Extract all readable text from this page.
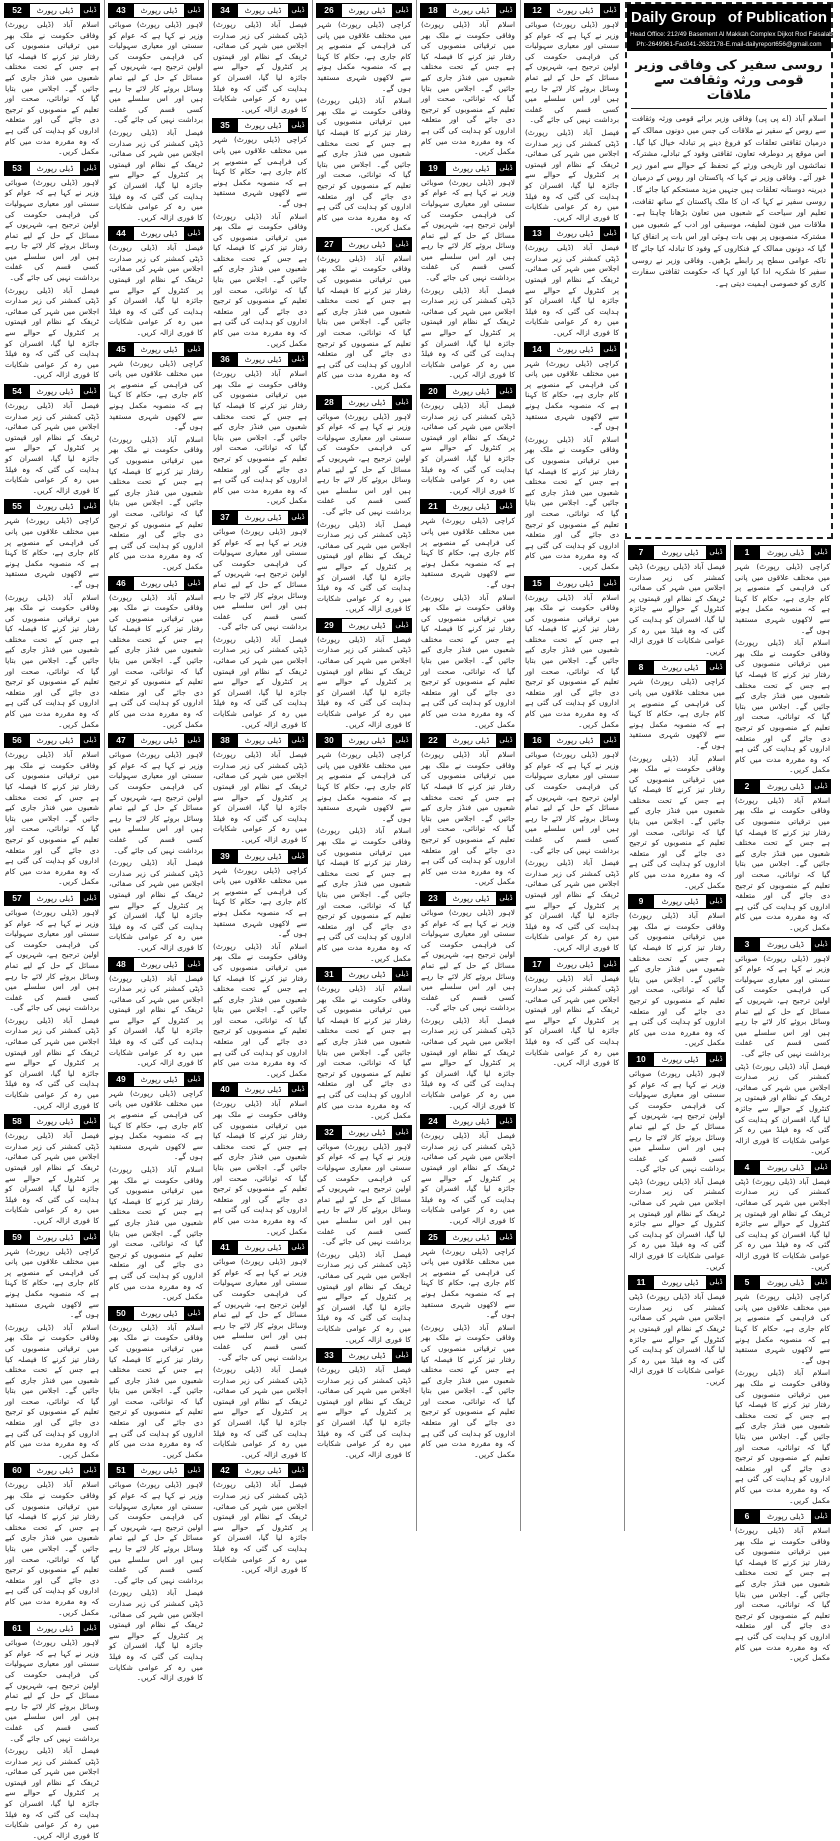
52	ڈیلی رپورٹ	ڈیلی

اسلام آباد (ڈیلی رپورٹ) وفاقی حکومت نے ملک بھر میں ترقیاتی منصوبوں کی رفتار تیز کرنے کا فیصلہ کیا ہے جس کے تحت مختلف شعبوں میں فنڈز جاری کیے جائیں گے۔ اجلاس میں بتایا گیا کہ توانائی، صحت اور تعلیم کے منصوبوں کو ترجیح دی جائے گی اور متعلقہ اداروں کو ہدایت کی گئی ہے کہ وہ مقررہ مدت میں کام مکمل کریں۔

53	ڈیلی رپورٹ	ڈیلی

لاہور (ڈیلی رپورٹ) صوبائی وزیر نے کہا ہے کہ عوام کو سستی اور معیاری سہولیات کی فراہمی حکومت کی اولین ترجیح ہے، شہریوں کے مسائل کے حل کے لیے تمام وسائل بروئے کار لائے جا رہے ہیں اور اس سلسلے میں کسی قسم کی غفلت برداشت نہیں کی جائے گی۔

فیصل آباد (ڈیلی رپورٹ) ڈپٹی کمشنر کی زیر صدارت اجلاس میں شہر کی صفائی، ٹریفک کے نظام اور قیمتوں پر کنٹرول کے حوالے سے جائزہ لیا گیا، افسران کو ہدایت کی گئی کہ وہ فیلڈ میں رہ کر عوامی شکایات کا فوری ازالہ کریں۔

54	ڈیلی رپورٹ	ڈیلی

فیصل آباد (ڈیلی رپورٹ) ڈپٹی کمشنر کی زیر صدارت اجلاس میں شہر کی صفائی، ٹریفک کے نظام اور قیمتوں پر کنٹرول کے حوالے سے جائزہ لیا گیا، افسران کو ہدایت کی گئی کہ وہ فیلڈ میں رہ کر عوامی شکایات کا فوری ازالہ کریں۔

55	ڈیلی رپورٹ	ڈیلی

کراچی (ڈیلی رپورٹ) شہر میں مختلف علاقوں میں پانی کی فراہمی کے منصوبے پر کام جاری ہے، حکام کا کہنا ہے کہ منصوبہ مکمل ہونے سے لاکھوں شہری مستفید ہوں گے۔

اسلام آباد (ڈیلی رپورٹ) وفاقی حکومت نے ملک بھر میں ترقیاتی منصوبوں کی رفتار تیز کرنے کا فیصلہ کیا ہے جس کے تحت مختلف شعبوں میں فنڈز جاری کیے جائیں گے۔ اجلاس میں بتایا گیا کہ توانائی، صحت اور تعلیم کے منصوبوں کو ترجیح دی جائے گی اور متعلقہ اداروں کو ہدایت کی گئی ہے کہ وہ مقررہ مدت میں کام مکمل کریں۔

56	ڈیلی رپورٹ	ڈیلی

اسلام آباد (ڈیلی رپورٹ) وفاقی حکومت نے ملک بھر میں ترقیاتی منصوبوں کی رفتار تیز کرنے کا فیصلہ کیا ہے جس کے تحت مختلف شعبوں میں فنڈز جاری کیے جائیں گے۔ اجلاس میں بتایا گیا کہ توانائی، صحت اور تعلیم کے منصوبوں کو ترجیح دی جائے گی اور متعلقہ اداروں کو ہدایت کی گئی ہے کہ وہ مقررہ مدت میں کام مکمل کریں۔

57	ڈیلی رپورٹ	ڈیلی

لاہور (ڈیلی رپورٹ) صوبائی وزیر نے کہا ہے کہ عوام کو سستی اور معیاری سہولیات کی فراہمی حکومت کی اولین ترجیح ہے، شہریوں کے مسائل کے حل کے لیے تمام وسائل بروئے کار لائے جا رہے ہیں اور اس سلسلے میں کسی قسم کی غفلت برداشت نہیں کی جائے گی۔

فیصل آباد (ڈیلی رپورٹ) ڈپٹی کمشنر کی زیر صدارت اجلاس میں شہر کی صفائی، ٹریفک کے نظام اور قیمتوں پر کنٹرول کے حوالے سے جائزہ لیا گیا، افسران کو ہدایت کی گئی کہ وہ فیلڈ میں رہ کر عوامی شکایات کا فوری ازالہ کریں۔

58	ڈیلی رپورٹ	ڈیلی

فیصل آباد (ڈیلی رپورٹ) ڈپٹی کمشنر کی زیر صدارت اجلاس میں شہر کی صفائی، ٹریفک کے نظام اور قیمتوں پر کنٹرول کے حوالے سے جائزہ لیا گیا، افسران کو ہدایت کی گئی کہ وہ فیلڈ میں رہ کر عوامی شکایات کا فوری ازالہ کریں۔

59	ڈیلی رپورٹ	ڈیلی

کراچی (ڈیلی رپورٹ) شہر میں مختلف علاقوں میں پانی کی فراہمی کے منصوبے پر کام جاری ہے، حکام کا کہنا ہے کہ منصوبہ مکمل ہونے سے لاکھوں شہری مستفید ہوں گے۔

اسلام آباد (ڈیلی رپورٹ) وفاقی حکومت نے ملک بھر میں ترقیاتی منصوبوں کی رفتار تیز کرنے کا فیصلہ کیا ہے جس کے تحت مختلف شعبوں میں فنڈز جاری کیے جائیں گے۔ اجلاس میں بتایا گیا کہ توانائی، صحت اور تعلیم کے منصوبوں کو ترجیح دی جائے گی اور متعلقہ اداروں کو ہدایت کی گئی ہے کہ وہ مقررہ مدت میں کام مکمل کریں۔

60	ڈیلی رپورٹ	ڈیلی

اسلام آباد (ڈیلی رپورٹ) وفاقی حکومت نے ملک بھر میں ترقیاتی منصوبوں کی رفتار تیز کرنے کا فیصلہ کیا ہے جس کے تحت مختلف شعبوں میں فنڈز جاری کیے جائیں گے۔ اجلاس میں بتایا گیا کہ توانائی، صحت اور تعلیم کے منصوبوں کو ترجیح دی جائے گی اور متعلقہ اداروں کو ہدایت کی گئی ہے کہ وہ مقررہ مدت میں کام مکمل کریں۔

61	ڈیلی رپورٹ	ڈیلی

لاہور (ڈیلی رپورٹ) صوبائی وزیر نے کہا ہے کہ عوام کو سستی اور معیاری سہولیات کی فراہمی حکومت کی اولین ترجیح ہے، شہریوں کے مسائل کے حل کے لیے تمام وسائل بروئے کار لائے جا رہے ہیں اور اس سلسلے میں کسی قسم کی غفلت برداشت نہیں کی جائے گی۔

فیصل آباد (ڈیلی رپورٹ) ڈپٹی کمشنر کی زیر صدارت اجلاس میں شہر کی صفائی، ٹریفک کے نظام اور قیمتوں پر کنٹرول کے حوالے سے جائزہ لیا گیا، افسران کو ہدایت کی گئی کہ وہ فیلڈ میں رہ کر عوامی شکایات کا فوری ازالہ کریں۔

43	ڈیلی رپورٹ	ڈیلی

لاہور (ڈیلی رپورٹ) صوبائی وزیر نے کہا ہے کہ عوام کو سستی اور معیاری سہولیات کی فراہمی حکومت کی اولین ترجیح ہے، شہریوں کے مسائل کے حل کے لیے تمام وسائل بروئے کار لائے جا رہے ہیں اور اس سلسلے میں کسی قسم کی غفلت برداشت نہیں کی جائے گی۔

فیصل آباد (ڈیلی رپورٹ) ڈپٹی کمشنر کی زیر صدارت اجلاس میں شہر کی صفائی، ٹریفک کے نظام اور قیمتوں پر کنٹرول کے حوالے سے جائزہ لیا گیا، افسران کو ہدایت کی گئی کہ وہ فیلڈ میں رہ کر عوامی شکایات کا فوری ازالہ کریں۔

44	ڈیلی رپورٹ	ڈیلی

فیصل آباد (ڈیلی رپورٹ) ڈپٹی کمشنر کی زیر صدارت اجلاس میں شہر کی صفائی، ٹریفک کے نظام اور قیمتوں پر کنٹرول کے حوالے سے جائزہ لیا گیا، افسران کو ہدایت کی گئی کہ وہ فیلڈ میں رہ کر عوامی شکایات کا فوری ازالہ کریں۔

45	ڈیلی رپورٹ	ڈیلی

کراچی (ڈیلی رپورٹ) شہر میں مختلف علاقوں میں پانی کی فراہمی کے منصوبے پر کام جاری ہے، حکام کا کہنا ہے کہ منصوبہ مکمل ہونے سے لاکھوں شہری مستفید ہوں گے۔

اسلام آباد (ڈیلی رپورٹ) وفاقی حکومت نے ملک بھر میں ترقیاتی منصوبوں کی رفتار تیز کرنے کا فیصلہ کیا ہے جس کے تحت مختلف شعبوں میں فنڈز جاری کیے جائیں گے۔ اجلاس میں بتایا گیا کہ توانائی، صحت اور تعلیم کے منصوبوں کو ترجیح دی جائے گی اور متعلقہ اداروں کو ہدایت کی گئی ہے کہ وہ مقررہ مدت میں کام مکمل کریں۔

46	ڈیلی رپورٹ	ڈیلی

اسلام آباد (ڈیلی رپورٹ) وفاقی حکومت نے ملک بھر میں ترقیاتی منصوبوں کی رفتار تیز کرنے کا فیصلہ کیا ہے جس کے تحت مختلف شعبوں میں فنڈز جاری کیے جائیں گے۔ اجلاس میں بتایا گیا کہ توانائی، صحت اور تعلیم کے منصوبوں کو ترجیح دی جائے گی اور متعلقہ اداروں کو ہدایت کی گئی ہے کہ وہ مقررہ مدت میں کام مکمل کریں۔

47	ڈیلی رپورٹ	ڈیلی

لاہور (ڈیلی رپورٹ) صوبائی وزیر نے کہا ہے کہ عوام کو سستی اور معیاری سہولیات کی فراہمی حکومت کی اولین ترجیح ہے، شہریوں کے مسائل کے حل کے لیے تمام وسائل بروئے کار لائے جا رہے ہیں اور اس سلسلے میں کسی قسم کی غفلت برداشت نہیں کی جائے گی۔

فیصل آباد (ڈیلی رپورٹ) ڈپٹی کمشنر کی زیر صدارت اجلاس میں شہر کی صفائی، ٹریفک کے نظام اور قیمتوں پر کنٹرول کے حوالے سے جائزہ لیا گیا، افسران کو ہدایت کی گئی کہ وہ فیلڈ میں رہ کر عوامی شکایات کا فوری ازالہ کریں۔

48	ڈیلی رپورٹ	ڈیلی

فیصل آباد (ڈیلی رپورٹ) ڈپٹی کمشنر کی زیر صدارت اجلاس میں شہر کی صفائی، ٹریفک کے نظام اور قیمتوں پر کنٹرول کے حوالے سے جائزہ لیا گیا، افسران کو ہدایت کی گئی کہ وہ فیلڈ میں رہ کر عوامی شکایات کا فوری ازالہ کریں۔

49	ڈیلی رپورٹ	ڈیلی

کراچی (ڈیلی رپورٹ) شہر میں مختلف علاقوں میں پانی کی فراہمی کے منصوبے پر کام جاری ہے، حکام کا کہنا ہے کہ منصوبہ مکمل ہونے سے لاکھوں شہری مستفید ہوں گے۔

اسلام آباد (ڈیلی رپورٹ) وفاقی حکومت نے ملک بھر میں ترقیاتی منصوبوں کی رفتار تیز کرنے کا فیصلہ کیا ہے جس کے تحت مختلف شعبوں میں فنڈز جاری کیے جائیں گے۔ اجلاس میں بتایا گیا کہ توانائی، صحت اور تعلیم کے منصوبوں کو ترجیح دی جائے گی اور متعلقہ اداروں کو ہدایت کی گئی ہے کہ وہ مقررہ مدت میں کام مکمل کریں۔

50	ڈیلی رپورٹ	ڈیلی

اسلام آباد (ڈیلی رپورٹ) وفاقی حکومت نے ملک بھر میں ترقیاتی منصوبوں کی رفتار تیز کرنے کا فیصلہ کیا ہے جس کے تحت مختلف شعبوں میں فنڈز جاری کیے جائیں گے۔ اجلاس میں بتایا گیا کہ توانائی، صحت اور تعلیم کے منصوبوں کو ترجیح دی جائے گی اور متعلقہ اداروں کو ہدایت کی گئی ہے کہ وہ مقررہ مدت میں کام مکمل کریں۔

51	ڈیلی رپورٹ	ڈیلی

لاہور (ڈیلی رپورٹ) صوبائی وزیر نے کہا ہے کہ عوام کو سستی اور معیاری سہولیات کی فراہمی حکومت کی اولین ترجیح ہے، شہریوں کے مسائل کے حل کے لیے تمام وسائل بروئے کار لائے جا رہے ہیں اور اس سلسلے میں کسی قسم کی غفلت برداشت نہیں کی جائے گی۔

فیصل آباد (ڈیلی رپورٹ) ڈپٹی کمشنر کی زیر صدارت اجلاس میں شہر کی صفائی، ٹریفک کے نظام اور قیمتوں پر کنٹرول کے حوالے سے جائزہ لیا گیا، افسران کو ہدایت کی گئی کہ وہ فیلڈ میں رہ کر عوامی شکایات کا فوری ازالہ کریں۔

34	ڈیلی رپورٹ	ڈیلی

فیصل آباد (ڈیلی رپورٹ) ڈپٹی کمشنر کی زیر صدارت اجلاس میں شہر کی صفائی، ٹریفک کے نظام اور قیمتوں پر کنٹرول کے حوالے سے جائزہ لیا گیا، افسران کو ہدایت کی گئی کہ وہ فیلڈ میں رہ کر عوامی شکایات کا فوری ازالہ کریں۔

35	ڈیلی رپورٹ	ڈیلی

کراچی (ڈیلی رپورٹ) شہر میں مختلف علاقوں میں پانی کی فراہمی کے منصوبے پر کام جاری ہے، حکام کا کہنا ہے کہ منصوبہ مکمل ہونے سے لاکھوں شہری مستفید ہوں گے۔

اسلام آباد (ڈیلی رپورٹ) وفاقی حکومت نے ملک بھر میں ترقیاتی منصوبوں کی رفتار تیز کرنے کا فیصلہ کیا ہے جس کے تحت مختلف شعبوں میں فنڈز جاری کیے جائیں گے۔ اجلاس میں بتایا گیا کہ توانائی، صحت اور تعلیم کے منصوبوں کو ترجیح دی جائے گی اور متعلقہ اداروں کو ہدایت کی گئی ہے کہ وہ مقررہ مدت میں کام مکمل کریں۔

36	ڈیلی رپورٹ	ڈیلی

اسلام آباد (ڈیلی رپورٹ) وفاقی حکومت نے ملک بھر میں ترقیاتی منصوبوں کی رفتار تیز کرنے کا فیصلہ کیا ہے جس کے تحت مختلف شعبوں میں فنڈز جاری کیے جائیں گے۔ اجلاس میں بتایا گیا کہ توانائی، صحت اور تعلیم کے منصوبوں کو ترجیح دی جائے گی اور متعلقہ اداروں کو ہدایت کی گئی ہے کہ وہ مقررہ مدت میں کام مکمل کریں۔

37	ڈیلی رپورٹ	ڈیلی

لاہور (ڈیلی رپورٹ) صوبائی وزیر نے کہا ہے کہ عوام کو سستی اور معیاری سہولیات کی فراہمی حکومت کی اولین ترجیح ہے، شہریوں کے مسائل کے حل کے لیے تمام وسائل بروئے کار لائے جا رہے ہیں اور اس سلسلے میں کسی قسم کی غفلت برداشت نہیں کی جائے گی۔

فیصل آباد (ڈیلی رپورٹ) ڈپٹی کمشنر کی زیر صدارت اجلاس میں شہر کی صفائی، ٹریفک کے نظام اور قیمتوں پر کنٹرول کے حوالے سے جائزہ لیا گیا، افسران کو ہدایت کی گئی کہ وہ فیلڈ میں رہ کر عوامی شکایات کا فوری ازالہ کریں۔

38	ڈیلی رپورٹ	ڈیلی

فیصل آباد (ڈیلی رپورٹ) ڈپٹی کمشنر کی زیر صدارت اجلاس میں شہر کی صفائی، ٹریفک کے نظام اور قیمتوں پر کنٹرول کے حوالے سے جائزہ لیا گیا، افسران کو ہدایت کی گئی کہ وہ فیلڈ میں رہ کر عوامی شکایات کا فوری ازالہ کریں۔

39	ڈیلی رپورٹ	ڈیلی

کراچی (ڈیلی رپورٹ) شہر میں مختلف علاقوں میں پانی کی فراہمی کے منصوبے پر کام جاری ہے، حکام کا کہنا ہے کہ منصوبہ مکمل ہونے سے لاکھوں شہری مستفید ہوں گے۔

اسلام آباد (ڈیلی رپورٹ) وفاقی حکومت نے ملک بھر میں ترقیاتی منصوبوں کی رفتار تیز کرنے کا فیصلہ کیا ہے جس کے تحت مختلف شعبوں میں فنڈز جاری کیے جائیں گے۔ اجلاس میں بتایا گیا کہ توانائی، صحت اور تعلیم کے منصوبوں کو ترجیح دی جائے گی اور متعلقہ اداروں کو ہدایت کی گئی ہے کہ وہ مقررہ مدت میں کام مکمل کریں۔

40	ڈیلی رپورٹ	ڈیلی

اسلام آباد (ڈیلی رپورٹ) وفاقی حکومت نے ملک بھر میں ترقیاتی منصوبوں کی رفتار تیز کرنے کا فیصلہ کیا ہے جس کے تحت مختلف شعبوں میں فنڈز جاری کیے جائیں گے۔ اجلاس میں بتایا گیا کہ توانائی، صحت اور تعلیم کے منصوبوں کو ترجیح دی جائے گی اور متعلقہ اداروں کو ہدایت کی گئی ہے کہ وہ مقررہ مدت میں کام مکمل کریں۔

41	ڈیلی رپورٹ	ڈیلی

لاہور (ڈیلی رپورٹ) صوبائی وزیر نے کہا ہے کہ عوام کو سستی اور معیاری سہولیات کی فراہمی حکومت کی اولین ترجیح ہے، شہریوں کے مسائل کے حل کے لیے تمام وسائل بروئے کار لائے جا رہے ہیں اور اس سلسلے میں کسی قسم کی غفلت برداشت نہیں کی جائے گی۔

فیصل آباد (ڈیلی رپورٹ) ڈپٹی کمشنر کی زیر صدارت اجلاس میں شہر کی صفائی، ٹریفک کے نظام اور قیمتوں پر کنٹرول کے حوالے سے جائزہ لیا گیا، افسران کو ہدایت کی گئی کہ وہ فیلڈ میں رہ کر عوامی شکایات کا فوری ازالہ کریں۔

42	ڈیلی رپورٹ	ڈیلی

فیصل آباد (ڈیلی رپورٹ) ڈپٹی کمشنر کی زیر صدارت اجلاس میں شہر کی صفائی، ٹریفک کے نظام اور قیمتوں پر کنٹرول کے حوالے سے جائزہ لیا گیا، افسران کو ہدایت کی گئی کہ وہ فیلڈ میں رہ کر عوامی شکایات کا فوری ازالہ کریں۔

26	ڈیلی رپورٹ	ڈیلی

کراچی (ڈیلی رپورٹ) شہر میں مختلف علاقوں میں پانی کی فراہمی کے منصوبے پر کام جاری ہے، حکام کا کہنا ہے کہ منصوبہ مکمل ہونے سے لاکھوں شہری مستفید ہوں گے۔

اسلام آباد (ڈیلی رپورٹ) وفاقی حکومت نے ملک بھر میں ترقیاتی منصوبوں کی رفتار تیز کرنے کا فیصلہ کیا ہے جس کے تحت مختلف شعبوں میں فنڈز جاری کیے جائیں گے۔ اجلاس میں بتایا گیا کہ توانائی، صحت اور تعلیم کے منصوبوں کو ترجیح دی جائے گی اور متعلقہ اداروں کو ہدایت کی گئی ہے کہ وہ مقررہ مدت میں کام مکمل کریں۔

27	ڈیلی رپورٹ	ڈیلی

اسلام آباد (ڈیلی رپورٹ) وفاقی حکومت نے ملک بھر میں ترقیاتی منصوبوں کی رفتار تیز کرنے کا فیصلہ کیا ہے جس کے تحت مختلف شعبوں میں فنڈز جاری کیے جائیں گے۔ اجلاس میں بتایا گیا کہ توانائی، صحت اور تعلیم کے منصوبوں کو ترجیح دی جائے گی اور متعلقہ اداروں کو ہدایت کی گئی ہے کہ وہ مقررہ مدت میں کام مکمل کریں۔

28	ڈیلی رپورٹ	ڈیلی

لاہور (ڈیلی رپورٹ) صوبائی وزیر نے کہا ہے کہ عوام کو سستی اور معیاری سہولیات کی فراہمی حکومت کی اولین ترجیح ہے، شہریوں کے مسائل کے حل کے لیے تمام وسائل بروئے کار لائے جا رہے ہیں اور اس سلسلے میں کسی قسم کی غفلت برداشت نہیں کی جائے گی۔

فیصل آباد (ڈیلی رپورٹ) ڈپٹی کمشنر کی زیر صدارت اجلاس میں شہر کی صفائی، ٹریفک کے نظام اور قیمتوں پر کنٹرول کے حوالے سے جائزہ لیا گیا، افسران کو ہدایت کی گئی کہ وہ فیلڈ میں رہ کر عوامی شکایات کا فوری ازالہ کریں۔

29	ڈیلی رپورٹ	ڈیلی

فیصل آباد (ڈیلی رپورٹ) ڈپٹی کمشنر کی زیر صدارت اجلاس میں شہر کی صفائی، ٹریفک کے نظام اور قیمتوں پر کنٹرول کے حوالے سے جائزہ لیا گیا، افسران کو ہدایت کی گئی کہ وہ فیلڈ میں رہ کر عوامی شکایات کا فوری ازالہ کریں۔

30	ڈیلی رپورٹ	ڈیلی

کراچی (ڈیلی رپورٹ) شہر میں مختلف علاقوں میں پانی کی فراہمی کے منصوبے پر کام جاری ہے، حکام کا کہنا ہے کہ منصوبہ مکمل ہونے سے لاکھوں شہری مستفید ہوں گے۔

اسلام آباد (ڈیلی رپورٹ) وفاقی حکومت نے ملک بھر میں ترقیاتی منصوبوں کی رفتار تیز کرنے کا فیصلہ کیا ہے جس کے تحت مختلف شعبوں میں فنڈز جاری کیے جائیں گے۔ اجلاس میں بتایا گیا کہ توانائی، صحت اور تعلیم کے منصوبوں کو ترجیح دی جائے گی اور متعلقہ اداروں کو ہدایت کی گئی ہے کہ وہ مقررہ مدت میں کام مکمل کریں۔

31	ڈیلی رپورٹ	ڈیلی

اسلام آباد (ڈیلی رپورٹ) وفاقی حکومت نے ملک بھر میں ترقیاتی منصوبوں کی رفتار تیز کرنے کا فیصلہ کیا ہے جس کے تحت مختلف شعبوں میں فنڈز جاری کیے جائیں گے۔ اجلاس میں بتایا گیا کہ توانائی، صحت اور تعلیم کے منصوبوں کو ترجیح دی جائے گی اور متعلقہ اداروں کو ہدایت کی گئی ہے کہ وہ مقررہ مدت میں کام مکمل کریں۔

32	ڈیلی رپورٹ	ڈیلی

لاہور (ڈیلی رپورٹ) صوبائی وزیر نے کہا ہے کہ عوام کو سستی اور معیاری سہولیات کی فراہمی حکومت کی اولین ترجیح ہے، شہریوں کے مسائل کے حل کے لیے تمام وسائل بروئے کار لائے جا رہے ہیں اور اس سلسلے میں کسی قسم کی غفلت برداشت نہیں کی جائے گی۔

فیصل آباد (ڈیلی رپورٹ) ڈپٹی کمشنر کی زیر صدارت اجلاس میں شہر کی صفائی، ٹریفک کے نظام اور قیمتوں پر کنٹرول کے حوالے سے جائزہ لیا گیا، افسران کو ہدایت کی گئی کہ وہ فیلڈ میں رہ کر عوامی شکایات کا فوری ازالہ کریں۔

33	ڈیلی رپورٹ	ڈیلی

فیصل آباد (ڈیلی رپورٹ) ڈپٹی کمشنر کی زیر صدارت اجلاس میں شہر کی صفائی، ٹریفک کے نظام اور قیمتوں پر کنٹرول کے حوالے سے جائزہ لیا گیا، افسران کو ہدایت کی گئی کہ وہ فیلڈ میں رہ کر عوامی شکایات کا فوری ازالہ کریں۔

18	ڈیلی رپورٹ	ڈیلی

اسلام آباد (ڈیلی رپورٹ) وفاقی حکومت نے ملک بھر میں ترقیاتی منصوبوں کی رفتار تیز کرنے کا فیصلہ کیا ہے جس کے تحت مختلف شعبوں میں فنڈز جاری کیے جائیں گے۔ اجلاس میں بتایا گیا کہ توانائی، صحت اور تعلیم کے منصوبوں کو ترجیح دی جائے گی اور متعلقہ اداروں کو ہدایت کی گئی ہے کہ وہ مقررہ مدت میں کام مکمل کریں۔

19	ڈیلی رپورٹ	ڈیلی

لاہور (ڈیلی رپورٹ) صوبائی وزیر نے کہا ہے کہ عوام کو سستی اور معیاری سہولیات کی فراہمی حکومت کی اولین ترجیح ہے، شہریوں کے مسائل کے حل کے لیے تمام وسائل بروئے کار لائے جا رہے ہیں اور اس سلسلے میں کسی قسم کی غفلت برداشت نہیں کی جائے گی۔

فیصل آباد (ڈیلی رپورٹ) ڈپٹی کمشنر کی زیر صدارت اجلاس میں شہر کی صفائی، ٹریفک کے نظام اور قیمتوں پر کنٹرول کے حوالے سے جائزہ لیا گیا، افسران کو ہدایت کی گئی کہ وہ فیلڈ میں رہ کر عوامی شکایات کا فوری ازالہ کریں۔

20	ڈیلی رپورٹ	ڈیلی

فیصل آباد (ڈیلی رپورٹ) ڈپٹی کمشنر کی زیر صدارت اجلاس میں شہر کی صفائی، ٹریفک کے نظام اور قیمتوں پر کنٹرول کے حوالے سے جائزہ لیا گیا، افسران کو ہدایت کی گئی کہ وہ فیلڈ میں رہ کر عوامی شکایات کا فوری ازالہ کریں۔

21	ڈیلی رپورٹ	ڈیلی

کراچی (ڈیلی رپورٹ) شہر میں مختلف علاقوں میں پانی کی فراہمی کے منصوبے پر کام جاری ہے، حکام کا کہنا ہے کہ منصوبہ مکمل ہونے سے لاکھوں شہری مستفید ہوں گے۔

اسلام آباد (ڈیلی رپورٹ) وفاقی حکومت نے ملک بھر میں ترقیاتی منصوبوں کی رفتار تیز کرنے کا فیصلہ کیا ہے جس کے تحت مختلف شعبوں میں فنڈز جاری کیے جائیں گے۔ اجلاس میں بتایا گیا کہ توانائی، صحت اور تعلیم کے منصوبوں کو ترجیح دی جائے گی اور متعلقہ اداروں کو ہدایت کی گئی ہے کہ وہ مقررہ مدت میں کام مکمل کریں۔

22	ڈیلی رپورٹ	ڈیلی

اسلام آباد (ڈیلی رپورٹ) وفاقی حکومت نے ملک بھر میں ترقیاتی منصوبوں کی رفتار تیز کرنے کا فیصلہ کیا ہے جس کے تحت مختلف شعبوں میں فنڈز جاری کیے جائیں گے۔ اجلاس میں بتایا گیا کہ توانائی، صحت اور تعلیم کے منصوبوں کو ترجیح دی جائے گی اور متعلقہ اداروں کو ہدایت کی گئی ہے کہ وہ مقررہ مدت میں کام مکمل کریں۔

23	ڈیلی رپورٹ	ڈیلی

لاہور (ڈیلی رپورٹ) صوبائی وزیر نے کہا ہے کہ عوام کو سستی اور معیاری سہولیات کی فراہمی حکومت کی اولین ترجیح ہے، شہریوں کے مسائل کے حل کے لیے تمام وسائل بروئے کار لائے جا رہے ہیں اور اس سلسلے میں کسی قسم کی غفلت برداشت نہیں کی جائے گی۔

فیصل آباد (ڈیلی رپورٹ) ڈپٹی کمشنر کی زیر صدارت اجلاس میں شہر کی صفائی، ٹریفک کے نظام اور قیمتوں پر کنٹرول کے حوالے سے جائزہ لیا گیا، افسران کو ہدایت کی گئی کہ وہ فیلڈ میں رہ کر عوامی شکایات کا فوری ازالہ کریں۔

24	ڈیلی رپورٹ	ڈیلی

فیصل آباد (ڈیلی رپورٹ) ڈپٹی کمشنر کی زیر صدارت اجلاس میں شہر کی صفائی، ٹریفک کے نظام اور قیمتوں پر کنٹرول کے حوالے سے جائزہ لیا گیا، افسران کو ہدایت کی گئی کہ وہ فیلڈ میں رہ کر عوامی شکایات کا فوری ازالہ کریں۔

25	ڈیلی رپورٹ	ڈیلی

کراچی (ڈیلی رپورٹ) شہر میں مختلف علاقوں میں پانی کی فراہمی کے منصوبے پر کام جاری ہے، حکام کا کہنا ہے کہ منصوبہ مکمل ہونے سے لاکھوں شہری مستفید ہوں گے۔

اسلام آباد (ڈیلی رپورٹ) وفاقی حکومت نے ملک بھر میں ترقیاتی منصوبوں کی رفتار تیز کرنے کا فیصلہ کیا ہے جس کے تحت مختلف شعبوں میں فنڈز جاری کیے جائیں گے۔ اجلاس میں بتایا گیا کہ توانائی، صحت اور تعلیم کے منصوبوں کو ترجیح دی جائے گی اور متعلقہ اداروں کو ہدایت کی گئی ہے کہ وہ مقررہ مدت میں کام مکمل کریں۔

12	ڈیلی رپورٹ	ڈیلی

لاہور (ڈیلی رپورٹ) صوبائی وزیر نے کہا ہے کہ عوام کو سستی اور معیاری سہولیات کی فراہمی حکومت کی اولین ترجیح ہے، شہریوں کے مسائل کے حل کے لیے تمام وسائل بروئے کار لائے جا رہے ہیں اور اس سلسلے میں کسی قسم کی غفلت برداشت نہیں کی جائے گی۔

فیصل آباد (ڈیلی رپورٹ) ڈپٹی کمشنر کی زیر صدارت اجلاس میں شہر کی صفائی، ٹریفک کے نظام اور قیمتوں پر کنٹرول کے حوالے سے جائزہ لیا گیا، افسران کو ہدایت کی گئی کہ وہ فیلڈ میں رہ کر عوامی شکایات کا فوری ازالہ کریں۔

13	ڈیلی رپورٹ	ڈیلی

فیصل آباد (ڈیلی رپورٹ) ڈپٹی کمشنر کی زیر صدارت اجلاس میں شہر کی صفائی، ٹریفک کے نظام اور قیمتوں پر کنٹرول کے حوالے سے جائزہ لیا گیا، افسران کو ہدایت کی گئی کہ وہ فیلڈ میں رہ کر عوامی شکایات کا فوری ازالہ کریں۔

14	ڈیلی رپورٹ	ڈیلی

کراچی (ڈیلی رپورٹ) شہر میں مختلف علاقوں میں پانی کی فراہمی کے منصوبے پر کام جاری ہے، حکام کا کہنا ہے کہ منصوبہ مکمل ہونے سے لاکھوں شہری مستفید ہوں گے۔

اسلام آباد (ڈیلی رپورٹ) وفاقی حکومت نے ملک بھر میں ترقیاتی منصوبوں کی رفتار تیز کرنے کا فیصلہ کیا ہے جس کے تحت مختلف شعبوں میں فنڈز جاری کیے جائیں گے۔ اجلاس میں بتایا گیا کہ توانائی، صحت اور تعلیم کے منصوبوں کو ترجیح دی جائے گی اور متعلقہ اداروں کو ہدایت کی گئی ہے کہ وہ مقررہ مدت میں کام مکمل کریں۔

15	ڈیلی رپورٹ	ڈیلی

اسلام آباد (ڈیلی رپورٹ) وفاقی حکومت نے ملک بھر میں ترقیاتی منصوبوں کی رفتار تیز کرنے کا فیصلہ کیا ہے جس کے تحت مختلف شعبوں میں فنڈز جاری کیے جائیں گے۔ اجلاس میں بتایا گیا کہ توانائی، صحت اور تعلیم کے منصوبوں کو ترجیح دی جائے گی اور متعلقہ اداروں کو ہدایت کی گئی ہے کہ وہ مقررہ مدت میں کام مکمل کریں۔

16	ڈیلی رپورٹ	ڈیلی

لاہور (ڈیلی رپورٹ) صوبائی وزیر نے کہا ہے کہ عوام کو سستی اور معیاری سہولیات کی فراہمی حکومت کی اولین ترجیح ہے، شہریوں کے مسائل کے حل کے لیے تمام وسائل بروئے کار لائے جا رہے ہیں اور اس سلسلے میں کسی قسم کی غفلت برداشت نہیں کی جائے گی۔

فیصل آباد (ڈیلی رپورٹ) ڈپٹی کمشنر کی زیر صدارت اجلاس میں شہر کی صفائی، ٹریفک کے نظام اور قیمتوں پر کنٹرول کے حوالے سے جائزہ لیا گیا، افسران کو ہدایت کی گئی کہ وہ فیلڈ میں رہ کر عوامی شکایات کا فوری ازالہ کریں۔

17	ڈیلی رپورٹ	ڈیلی

فیصل آباد (ڈیلی رپورٹ) ڈپٹی کمشنر کی زیر صدارت اجلاس میں شہر کی صفائی، ٹریفک کے نظام اور قیمتوں پر کنٹرول کے حوالے سے جائزہ لیا گیا، افسران کو ہدایت کی گئی کہ وہ فیلڈ میں رہ کر عوامی شکایات کا فوری ازالہ کریں۔

7	ڈیلی رپورٹ	ڈیلی

فیصل آباد (ڈیلی رپورٹ) ڈپٹی کمشنر کی زیر صدارت اجلاس میں شہر کی صفائی، ٹریفک کے نظام اور قیمتوں پر کنٹرول کے حوالے سے جائزہ لیا گیا، افسران کو ہدایت کی گئی کہ وہ فیلڈ میں رہ کر عوامی شکایات کا فوری ازالہ کریں۔

8	ڈیلی رپورٹ	ڈیلی

کراچی (ڈیلی رپورٹ) شہر میں مختلف علاقوں میں پانی کی فراہمی کے منصوبے پر کام جاری ہے، حکام کا کہنا ہے کہ منصوبہ مکمل ہونے سے لاکھوں شہری مستفید ہوں گے۔

اسلام آباد (ڈیلی رپورٹ) وفاقی حکومت نے ملک بھر میں ترقیاتی منصوبوں کی رفتار تیز کرنے کا فیصلہ کیا ہے جس کے تحت مختلف شعبوں میں فنڈز جاری کیے جائیں گے۔ اجلاس میں بتایا گیا کہ توانائی، صحت اور تعلیم کے منصوبوں کو ترجیح دی جائے گی اور متعلقہ اداروں کو ہدایت کی گئی ہے کہ وہ مقررہ مدت میں کام مکمل کریں۔

9	ڈیلی رپورٹ	ڈیلی

اسلام آباد (ڈیلی رپورٹ) وفاقی حکومت نے ملک بھر میں ترقیاتی منصوبوں کی رفتار تیز کرنے کا فیصلہ کیا ہے جس کے تحت مختلف شعبوں میں فنڈز جاری کیے جائیں گے۔ اجلاس میں بتایا گیا کہ توانائی، صحت اور تعلیم کے منصوبوں کو ترجیح دی جائے گی اور متعلقہ اداروں کو ہدایت کی گئی ہے کہ وہ مقررہ مدت میں کام مکمل کریں۔

10	ڈیلی رپورٹ	ڈیلی

لاہور (ڈیلی رپورٹ) صوبائی وزیر نے کہا ہے کہ عوام کو سستی اور معیاری سہولیات کی فراہمی حکومت کی اولین ترجیح ہے، شہریوں کے مسائل کے حل کے لیے تمام وسائل بروئے کار لائے جا رہے ہیں اور اس سلسلے میں کسی قسم کی غفلت برداشت نہیں کی جائے گی۔

فیصل آباد (ڈیلی رپورٹ) ڈپٹی کمشنر کی زیر صدارت اجلاس میں شہر کی صفائی، ٹریفک کے نظام اور قیمتوں پر کنٹرول کے حوالے سے جائزہ لیا گیا، افسران کو ہدایت کی گئی کہ وہ فیلڈ میں رہ کر عوامی شکایات کا فوری ازالہ کریں۔

11	ڈیلی رپورٹ	ڈیلی

فیصل آباد (ڈیلی رپورٹ) ڈپٹی کمشنر کی زیر صدارت اجلاس میں شہر کی صفائی، ٹریفک کے نظام اور قیمتوں پر کنٹرول کے حوالے سے جائزہ لیا گیا، افسران کو ہدایت کی گئی کہ وہ فیلڈ میں رہ کر عوامی شکایات کا فوری ازالہ کریں۔

1	ڈیلی رپورٹ	ڈیلی

کراچی (ڈیلی رپورٹ) شہر میں مختلف علاقوں میں پانی کی فراہمی کے منصوبے پر کام جاری ہے، حکام کا کہنا ہے کہ منصوبہ مکمل ہونے سے لاکھوں شہری مستفید ہوں گے۔

اسلام آباد (ڈیلی رپورٹ) وفاقی حکومت نے ملک بھر میں ترقیاتی منصوبوں کی رفتار تیز کرنے کا فیصلہ کیا ہے جس کے تحت مختلف شعبوں میں فنڈز جاری کیے جائیں گے۔ اجلاس میں بتایا گیا کہ توانائی، صحت اور تعلیم کے منصوبوں کو ترجیح دی جائے گی اور متعلقہ اداروں کو ہدایت کی گئی ہے کہ وہ مقررہ مدت میں کام مکمل کریں۔

2	ڈیلی رپورٹ	ڈیلی

اسلام آباد (ڈیلی رپورٹ) وفاقی حکومت نے ملک بھر میں ترقیاتی منصوبوں کی رفتار تیز کرنے کا فیصلہ کیا ہے جس کے تحت مختلف شعبوں میں فنڈز جاری کیے جائیں گے۔ اجلاس میں بتایا گیا کہ توانائی، صحت اور تعلیم کے منصوبوں کو ترجیح دی جائے گی اور متعلقہ اداروں کو ہدایت کی گئی ہے کہ وہ مقررہ مدت میں کام مکمل کریں۔

3	ڈیلی رپورٹ	ڈیلی

لاہور (ڈیلی رپورٹ) صوبائی وزیر نے کہا ہے کہ عوام کو سستی اور معیاری سہولیات کی فراہمی حکومت کی اولین ترجیح ہے، شہریوں کے مسائل کے حل کے لیے تمام وسائل بروئے کار لائے جا رہے ہیں اور اس سلسلے میں کسی قسم کی غفلت برداشت نہیں کی جائے گی۔

فیصل آباد (ڈیلی رپورٹ) ڈپٹی کمشنر کی زیر صدارت اجلاس میں شہر کی صفائی، ٹریفک کے نظام اور قیمتوں پر کنٹرول کے حوالے سے جائزہ لیا گیا، افسران کو ہدایت کی گئی کہ وہ فیلڈ میں رہ کر عوامی شکایات کا فوری ازالہ کریں۔

4	ڈیلی رپورٹ	ڈیلی

فیصل آباد (ڈیلی رپورٹ) ڈپٹی کمشنر کی زیر صدارت اجلاس میں شہر کی صفائی، ٹریفک کے نظام اور قیمتوں پر کنٹرول کے حوالے سے جائزہ لیا گیا، افسران کو ہدایت کی گئی کہ وہ فیلڈ میں رہ کر عوامی شکایات کا فوری ازالہ کریں۔

5	ڈیلی رپورٹ	ڈیلی

کراچی (ڈیلی رپورٹ) شہر میں مختلف علاقوں میں پانی کی فراہمی کے منصوبے پر کام جاری ہے، حکام کا کہنا ہے کہ منصوبہ مکمل ہونے سے لاکھوں شہری مستفید ہوں گے۔

اسلام آباد (ڈیلی رپورٹ) وفاقی حکومت نے ملک بھر میں ترقیاتی منصوبوں کی رفتار تیز کرنے کا فیصلہ کیا ہے جس کے تحت مختلف شعبوں میں فنڈز جاری کیے جائیں گے۔ اجلاس میں بتایا گیا کہ توانائی، صحت اور تعلیم کے منصوبوں کو ترجیح دی جائے گی اور متعلقہ اداروں کو ہدایت کی گئی ہے کہ وہ مقررہ مدت میں کام مکمل کریں۔

6	ڈیلی رپورٹ	ڈیلی

اسلام آباد (ڈیلی رپورٹ) وفاقی حکومت نے ملک بھر میں ترقیاتی منصوبوں کی رفتار تیز کرنے کا فیصلہ کیا ہے جس کے تحت مختلف شعبوں میں فنڈز جاری کیے جائیں گے۔ اجلاس میں بتایا گیا کہ توانائی، صحت اور تعلیم کے منصوبوں کو ترجیح دی جائے گی اور متعلقہ اداروں کو ہدایت کی گئی ہے کہ وہ مقررہ مدت میں کام مکمل کریں۔

Daily Group of Publication
Head Office: 212/49 Basement Al Makkah Complex Dijkot Rod Faisalabad
Ph:-2649961-Fac041-2632178-E.mail-dailyreport656@gmail.com
روسی سفیر کی وفاقی وزیر قومی ورثہ وثقافت سے ملاقات
اسلام آباد (اے پی پی) وفاقی وزیر برائے قومی ورثہ وثقافت سے روس کے سفیر نے ملاقات کی جس میں دونوں ممالک کے درمیان ثقافتی تعلقات کو فروغ دینے پر تبادلہ خیال کیا گیا۔ اس موقع پر دوطرفہ تعاون، ثقافتی وفود کے تبادلے، مشترکہ نمائشوں اور تاریخی ورثے کے تحفظ کے حوالے سے امور زیر غور آئے۔ وفاقی وزیر نے کہا کہ پاکستان اور روس کے درمیان دیرینہ دوستانہ تعلقات ہیں جنہیں مزید مستحکم کیا جائے گا۔ روسی سفیر نے کہا کہ ان کا ملک پاکستان کے ساتھ ثقافت، تعلیم اور سیاحت کے شعبوں میں تعاون بڑھانا چاہتا ہے۔ ملاقات میں فنون لطیفہ، موسیقی اور ادب کے شعبوں میں مشترکہ منصوبوں پر بھی بات ہوئی اور اس بات پر اتفاق کیا گیا کہ دونوں ممالک کے فنکاروں کے وفود کا تبادلہ کیا جائے گا تاکہ عوامی سطح پر رابطے بڑھیں۔ وفاقی وزیر نے روسی سفیر کا شکریہ ادا کیا اور کہا کہ حکومت ثقافتی سفارت کاری کو خصوصی اہمیت دیتی ہے۔
